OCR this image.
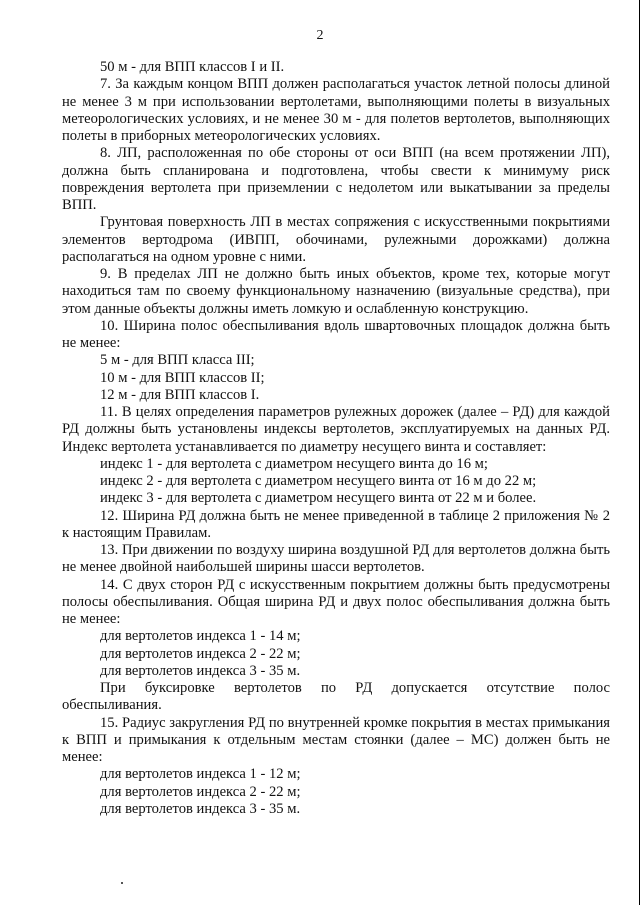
2

50 м - для ВПП классов I и II.

7. За каждым концом ВПП должен располагаться участок летной полосы длиной не менее 3 м при использовании вертолетами, выполняющими полеты в визуальных метеорологических условиях, и не менее 30 м - для полетов вертолетов, выполняющих полеты в приборных метеорологических условиях.

8. ЛП, расположенная по обе стороны от оси ВПП (на всем протяжении ЛП), должна быть спланирована и подготовлена, чтобы свести к минимуму риск повреждения вертолета при приземлении с недолетом или выкатывании за пределы ВПП.

Грунтовая поверхность ЛП в местах сопряжения с искусственными покрытиями элементов вертодрома (ИВПП, обочинами, рулежными дорожками) должна располагаться на одном уровне с ними.

9. В пределах ЛП не должно быть иных объектов, кроме тех, которые могут находиться там по своему функциональному назначению (визуальные средства), при этом данные объекты должны иметь ломкую и ослабленную конструкцию.

10. Ширина полос обеспыливания вдоль швартовочных площадок должна быть не менее:

5 м - для ВПП класса III;

10 м - для ВПП классов II;

12 м - для ВПП классов I.

11. В целях определения параметров рулежных дорожек (далее – РД) для каждой РД должны быть установлены индексы вертолетов, эксплуатируемых на данных РД. Индекс вертолета устанавливается по диаметру несущего винта и составляет:

индекс 1 - для вертолета с диаметром несущего винта до 16 м;

индекс 2 - для вертолета с диаметром несущего винта от 16 м до 22 м;

индекс 3 - для вертолета с диаметром несущего винта от 22 м и более.

12. Ширина РД должна быть не менее приведенной в таблице 2 приложения № 2 к настоящим Правилам.

13. При движении по воздуху ширина воздушной РД для вертолетов должна быть не менее двойной наибольшей ширины шасси вертолетов.

14. С двух сторон РД с искусственным покрытием должны быть предусмотрены полосы обеспыливания. Общая ширина РД и двух полос обеспыливания должна быть не менее:

для вертолетов индекса 1 - 14 м;

для вертолетов индекса 2 - 22 м;

для вертолетов индекса 3 - 35 м.

При буксировке вертолетов по РД допускается отсутствие полос

обеспыливания.

15. Радиус закругления РД по внутренней кромке покрытия в местах примыкания к ВПП и примыкания к отдельным местам стоянки (далее – МС) должен быть не менее:

для вертолетов индекса 1 - 12 м;

для вертолетов индекса 2 - 22 м;

для вертолетов индекса 3 - 35 м.
